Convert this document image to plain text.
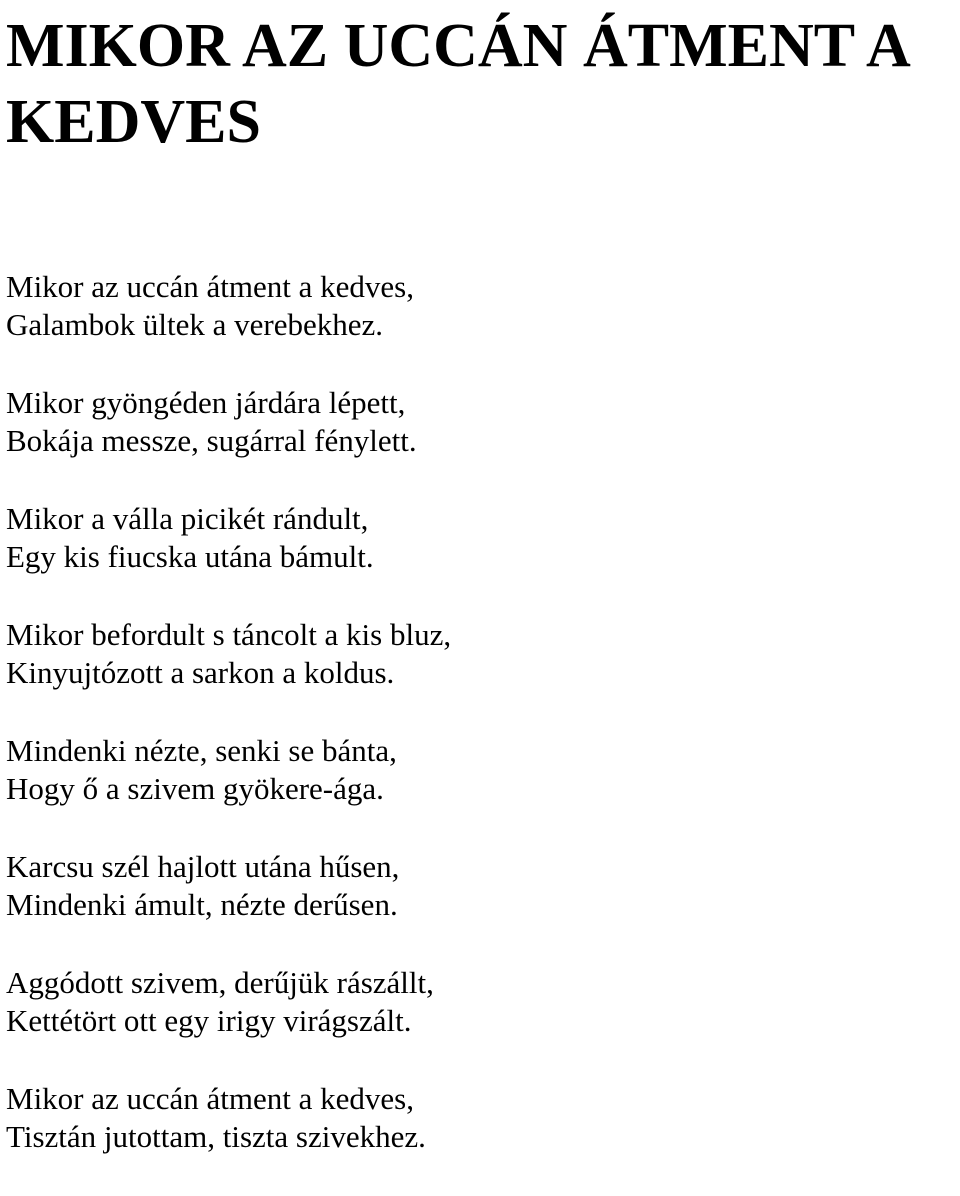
MIKOR AZ UCCÁN ÁTMENT A KEDVES
Mikor az uccán átment a kedves,
Galambok ültek a verebekhez.
Mikor gyöngéden járdára lépett,
Bokája messze, sugárral fénylett.
Mikor a válla picikét rándult,
Egy kis fiucska utána bámult.
Mikor befordult s táncolt a kis bluz,
Kinyujtózott a sarkon a koldus.
Mindenki nézte, senki se bánta,
Hogy ő a szivem gyökere-ága.
Karcsu szél hajlott utána hűsen,
Mindenki ámult, nézte derűsen.
Aggódott szivem, derűjük rászállt,
Kettétört ott egy irigy virágszált.
Mikor az uccán átment a kedves,
Tisztán jutottam, tiszta szivekhez.
